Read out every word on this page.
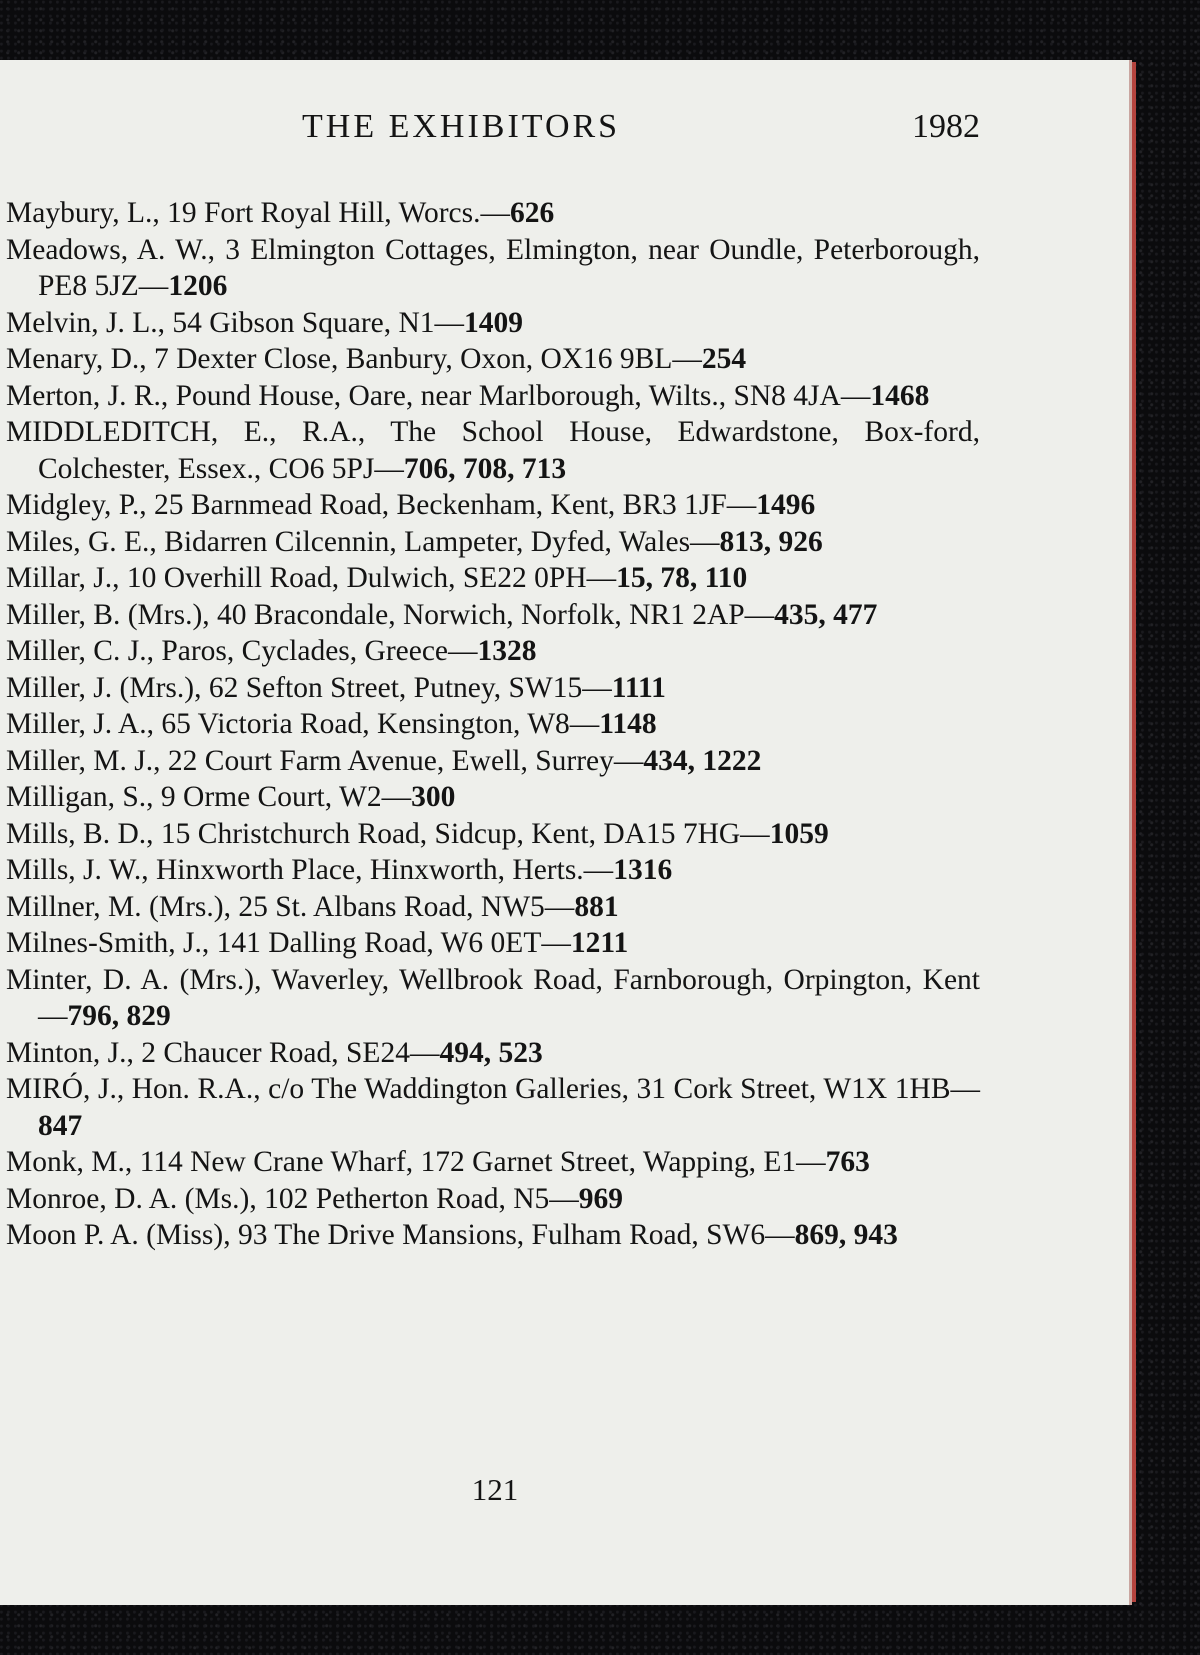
THE EXHIBITORS	1982
Maybury, L., 19 Fort Royal Hill, Worcs.—626
Meadows, A. W., 3 Elmington Cottages, Elmington, near Oundle, Peterborough, PE8 5JZ—1206
Melvin, J. L., 54 Gibson Square, N1—1409
Menary, D., 7 Dexter Close, Banbury, Oxon, OX16 9BL—254
Merton, J. R., Pound House, Oare, near Marlborough, Wilts., SN8 4JA—1468
MIDDLEDITCH, E., R.A., The School House, Edwardstone, Box-ford, Colchester, Essex., CO6 5PJ—706, 708, 713
Midgley, P., 25 Barnmead Road, Beckenham, Kent, BR3 1JF—1496
Miles, G. E., Bidarren Cilcennin, Lampeter, Dyfed, Wales—813, 926
Millar, J., 10 Overhill Road, Dulwich, SE22 0PH—15, 78, 110
Miller, B. (Mrs.), 40 Bracondale, Norwich, Norfolk, NR1 2AP—435, 477
Miller, C. J., Paros, Cyclades, Greece—1328
Miller, J. (Mrs.), 62 Sefton Street, Putney, SW15—1111
Miller, J. A., 65 Victoria Road, Kensington, W8—1148
Miller, M. J., 22 Court Farm Avenue, Ewell, Surrey—434, 1222
Milligan, S., 9 Orme Court, W2—300
Mills, B. D., 15 Christchurch Road, Sidcup, Kent, DA15 7HG—1059
Mills, J. W., Hinxworth Place, Hinxworth, Herts.—1316
Millner, M. (Mrs.), 25 St. Albans Road, NW5—881
Milnes-Smith, J., 141 Dalling Road, W6 0ET—1211
Minter, D. A. (Mrs.), Waverley, Wellbrook Road, Farnborough, Orpington, Kent—796, 829
Minton, J., 2 Chaucer Road, SE24—494, 523
MIRÓ, J., Hon. R.A., c/o The Waddington Galleries, 31 Cork Street, W1X 1HB—847
Monk, M., 114 New Crane Wharf, 172 Garnet Street, Wapping, E1—763
Monroe, D. A. (Ms.), 102 Petherton Road, N5—969
Moon P. A. (Miss), 93 The Drive Mansions, Fulham Road, SW6—869, 943
121
